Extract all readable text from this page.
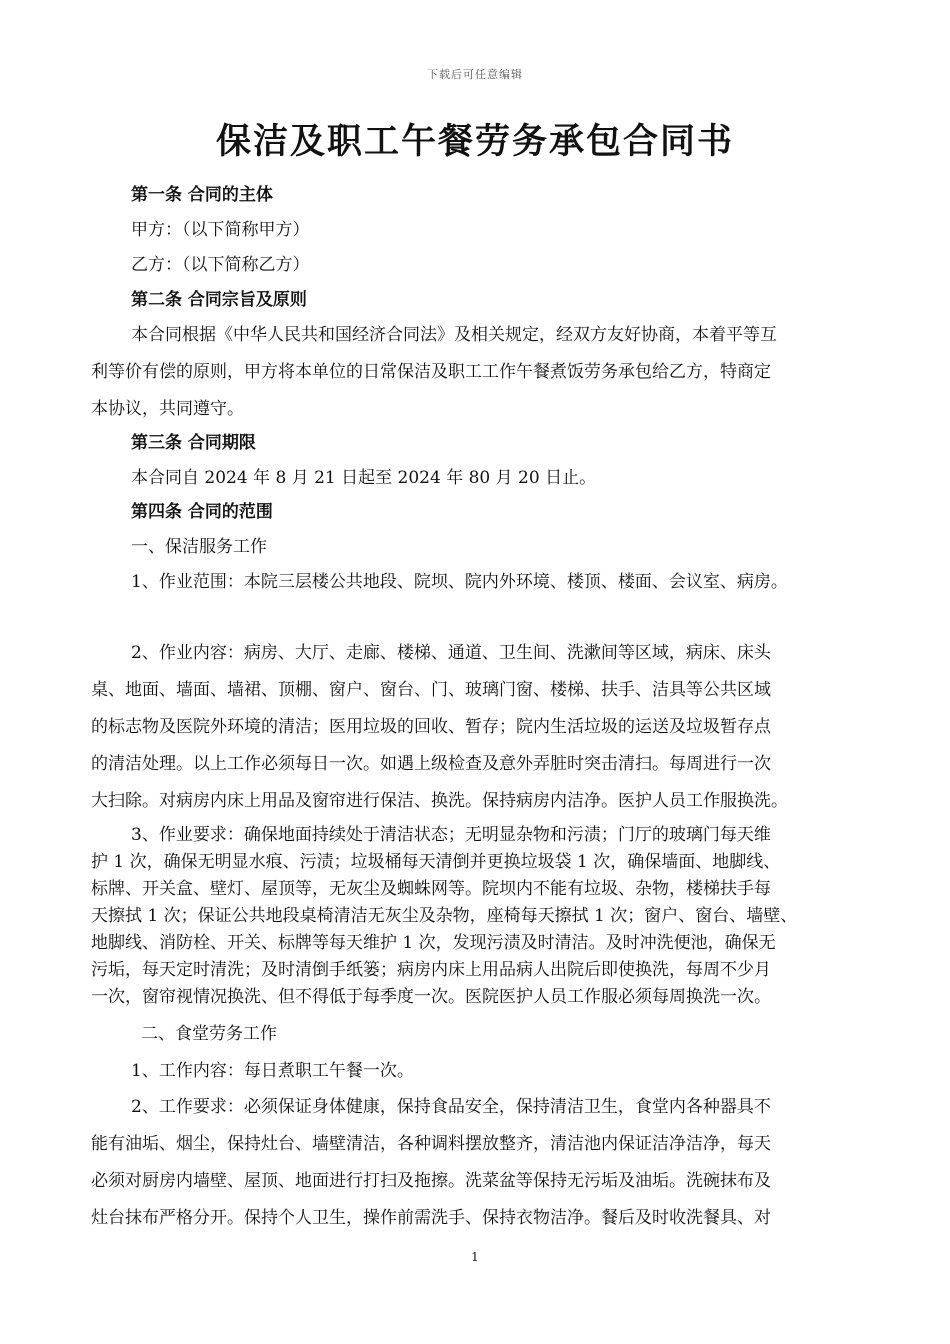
下载后可任意编辑
保洁及职工午餐劳务承包合同书

第一条 合同的主体

甲方：（以下简称甲方）

乙方：（以下简称乙方）

第二条 合同宗旨及原则

本合同根据《中华人民共和国经济合同法》及相关规定，经双方友好协商，本着平等互

利等价有偿的原则，甲方将本单位的日常保洁及职工工作午餐煮饭劳务承包给乙方，特商定

本协议，共同遵守。

第三条 合同期限

本合同自 2024 年 8 月 21 日起至 2024 年 80 月 20 日止。

第四条 合同的范围

一、保洁服务工作

1、作业范围：本院三层楼公共地段、院坝、院内外环境、楼顶、楼面、会议室、病房。

2、作业内容：病房、大厅、走廊、楼梯、通道、卫生间、洗漱间等区域，病床、床头

桌、地面、墙面、墙裙、顶棚、窗户、窗台、门、玻璃门窗、楼梯、扶手、洁具等公共区域

的标志物及医院外环境的清洁；医用垃圾的回收、暂存；院内生活垃圾的运送及垃圾暂存点

的清洁处理。以上工作必须每日一次。如遇上级检查及意外弄脏时突击清扫。每周进行一次

大扫除。对病房内床上用品及窗帘进行保洁、换洗。保持病房内洁净。医护人员工作服换洗。

3、作业要求：确保地面持续处于清洁状态；无明显杂物和污渍；门厅的玻璃门每天维

护 1 次，确保无明显水痕、污渍；垃圾桶每天清倒并更换垃圾袋 1 次，确保墙面、地脚线、

标牌、开关盒、壁灯、屋顶等，无灰尘及蜘蛛网等。院坝内不能有垃圾、杂物，楼梯扶手每

天擦拭 1 次；保证公共地段桌椅清洁无灰尘及杂物，座椅每天擦拭 1 次；窗户、窗台、墙壁、

地脚线、消防栓、开关、标牌等每天维护 1 次，发现污渍及时清洁。及时冲洗便池，确保无

污垢，每天定时清洗；及时清倒手纸篓；病房内床上用品病人出院后即使换洗，每周不少月

一次，窗帘视情况换洗、但不得低于每季度一次。医院医护人员工作服必须每周换洗一次。

二、食堂劳务工作

1、工作内容：每日煮职工午餐一次。

2、工作要求：必须保证身体健康，保持食品安全，保持清洁卫生，食堂内各种器具不

能有油垢、烟尘，保持灶台、墙壁清洁，各种调料摆放整齐，清洁池内保证洁净洁净，每天

必须对厨房内墙壁、屋顶、地面进行打扫及拖擦。洗菜盆等保持无污垢及油垢。洗碗抹布及

灶台抹布严格分开。保持个人卫生，操作前需洗手、保持衣物洁净。餐后及时收洗餐具、对

1
